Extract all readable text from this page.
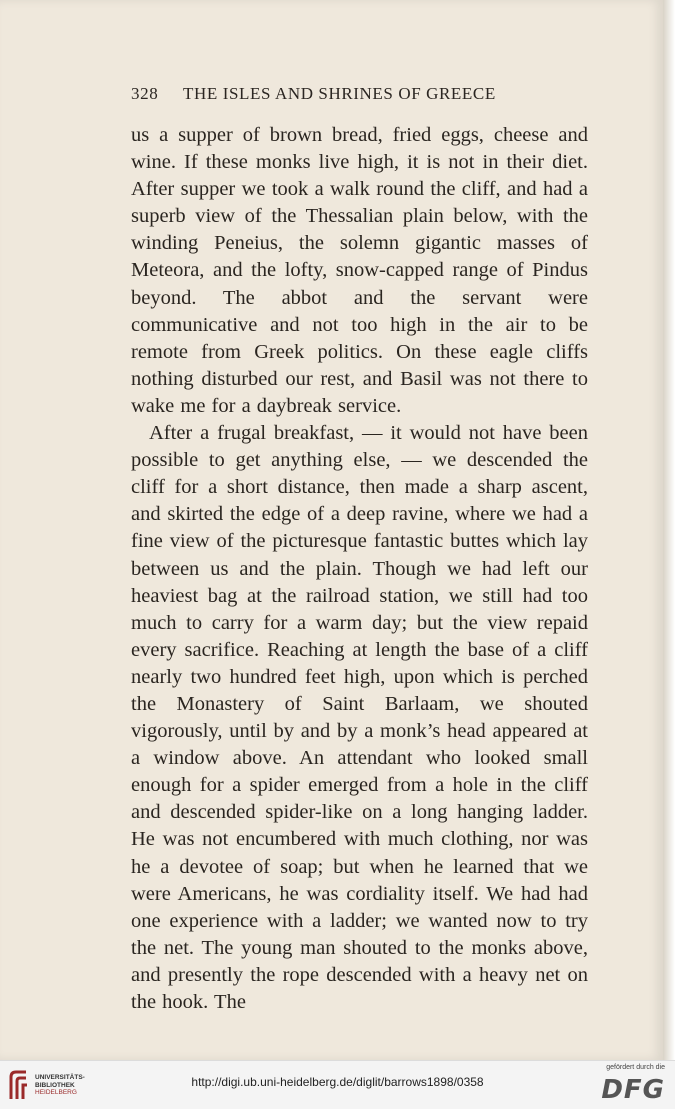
328 THE ISLES AND SHRINES OF GREECE

us a supper of brown bread, fried eggs, cheese and wine. If these monks live high, it is not in their diet. After supper we took a walk round the cliff, and had a superb view of the Thessalian plain below, with the winding Peneius, the solemn gigantic masses of Meteora, and the lofty, snow-capped range of Pindus beyond. The abbot and the servant were communicative and not too high in the air to be remote from Greek politics. On these eagle cliffs nothing disturbed our rest, and Basil was not there to wake me for a daybreak service.

After a frugal breakfast, — it would not have been possible to get anything else, — we descended the cliff for a short distance, then made a sharp ascent, and skirted the edge of a deep ravine, where we had a fine view of the picturesque fantastic buttes which lay between us and the plain. Though we had left our heaviest bag at the railroad station, we still had too much to carry for a warm day; but the view repaid every sacrifice. Reaching at length the base of a cliff nearly two hundred feet high, upon which is perched the Monastery of Saint Barlaam, we shouted vigorously, until by and by a monk’s head appeared at a window above. An attendant who looked small enough for a spider emerged from a hole in the cliff and descended spider-like on a long hanging ladder. He was not encumbered with much clothing, nor was he a devotee of soap; but when he learned that we were Americans, he was cordiality itself. We had had one experience with a ladder; we wanted now to try the net. The young man shouted to the monks above, and presently the rope descended with a heavy net on the hook. The

UNIVERSITÄTS-
BIBLIOTHEK
HEIDELBERG
http://digi.ub.uni-heidelberg.de/diglit/barrows1898/0358
gefördert durch die
DFG
